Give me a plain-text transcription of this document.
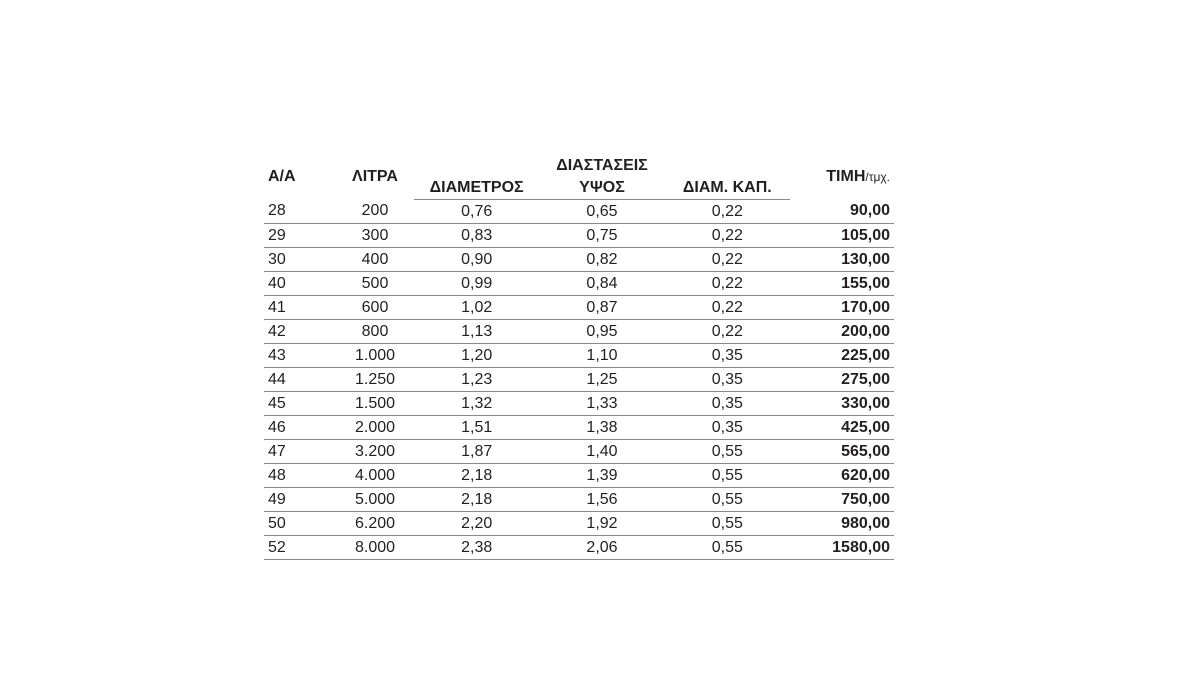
Α/Α	ΛΙΤΡΑ	ΔΙΑΣΤΑΣΕΙΣ			ΤΙΜΗ/τμχ.
		ΔΙΑΜΕΤΡΟΣ	ΥΨΟΣ	ΔΙΑΜ. ΚΑΠ.	
28	200	0,76	0,65	0,22	90,00
29	300	0,83	0,75	0,22	105,00
30	400	0,90	0,82	0,22	130,00
40	500	0,99	0,84	0,22	155,00
41	600	1,02	0,87	0,22	170,00
42	800	1,13	0,95	0,22	200,00
43	1.000	1,20	1,10	0,35	225,00
44	1.250	1,23	1,25	0,35	275,00
45	1.500	1,32	1,33	0,35	330,00
46	2.000	1,51	1,38	0,35	425,00
47	3.200	1,87	1,40	0,55	565,00
48	4.000	2,18	1,39	0,55	620,00
49	5.000	2,18	1,56	0,55	750,00
50	6.200	2,20	1,92	0,55	980,00
52	8.000	2,38	2,06	0,55	1580,00
